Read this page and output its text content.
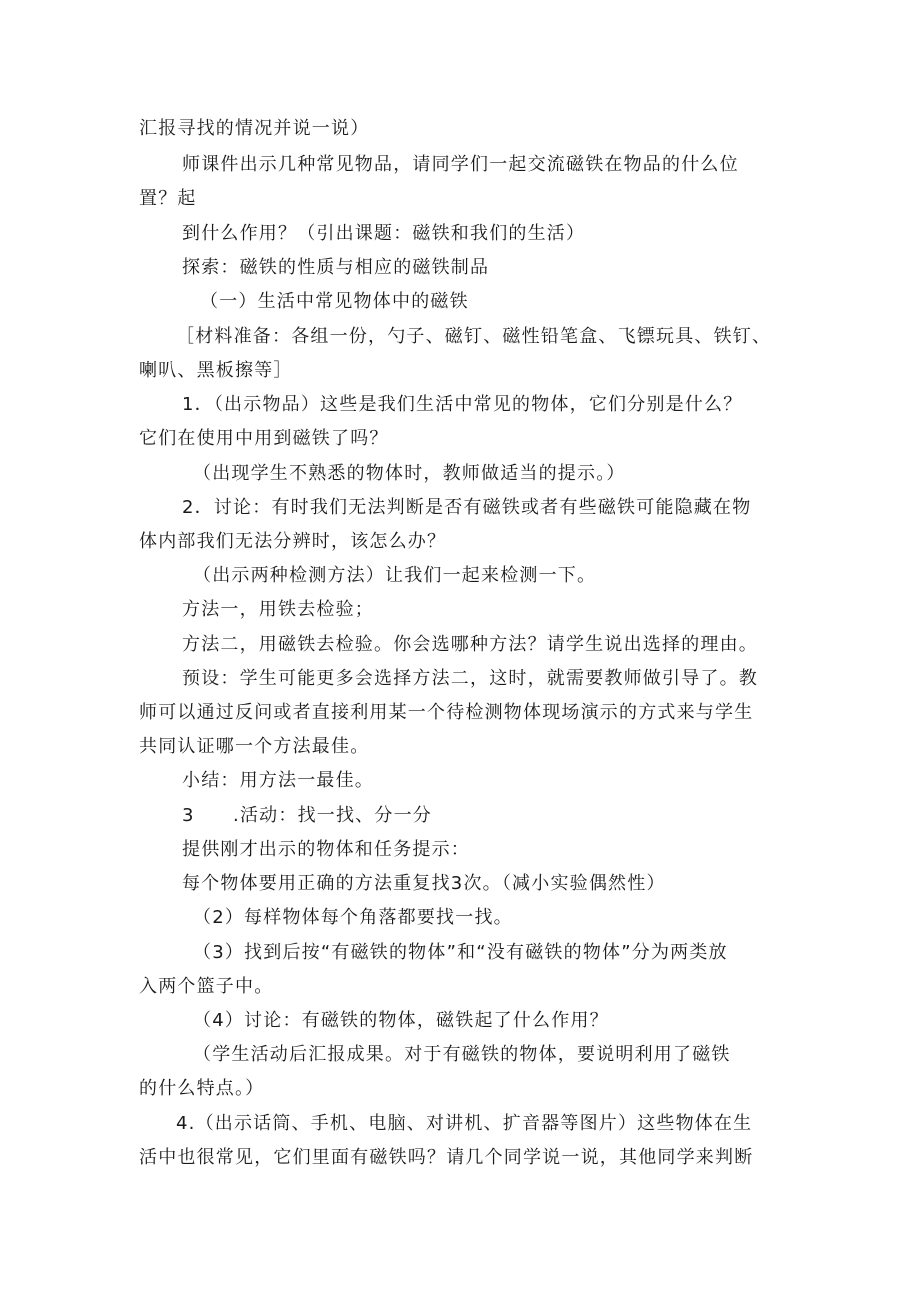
汇报寻找的情况并说一说）
师课件出示几种常见物品，请同学们一起交流磁铁在物品的什么位
置？起
到什么作用？（引出课题：磁铁和我们的生活）
探索：磁铁的性质与相应的磁铁制品
（一）生活中常见物体中的磁铁
［材料准备：各组一份，勺子、磁钉、磁性铅笔盒、飞镖玩具、铁钉、
喇叭、黑板擦等］
1．（出示物品）这些是我们生活中常见的物体，它们分别是什么？
它们在使用中用到磁铁了吗？
（出现学生不熟悉的物体时，教师做适当的提示。）
2．讨论：有时我们无法判断是否有磁铁或者有些磁铁可能隐藏在物
体内部我们无法分辨时，该怎么办？
（出示两种检测方法）让我们一起来检测一下。
方法一，用铁去检验；
方法二，用磁铁去检验。你会选哪种方法？请学生说出选择的理由。
预设：学生可能更多会选择方法二，这时，就需要教师做引导了。教
师可以通过反问或者直接利用某一个待检测物体现场演示的方式来与学生
共同认证哪一个方法最佳。
小结：用方法一最佳。
3　　.活动：找一找、分一分
提供刚才出示的物体和任务提示：
每个物体要用正确的方法重复找3次。（减小实验偶然性）
（2）每样物体每个角落都要找一找。
（3）找到后按“有磁铁的物体”和“没有磁铁的物体”分为两类放
入两个篮子中。
（4）讨论：有磁铁的物体，磁铁起了什么作用？
（学生活动后汇报成果。对于有磁铁的物体，要说明利用了磁铁
的什么特点。）
4.（出示话筒、手机、电脑、对讲机、扩音器等图片）这些物体在生
活中也很常见，它们里面有磁铁吗？请几个同学说一说，其他同学来判断
